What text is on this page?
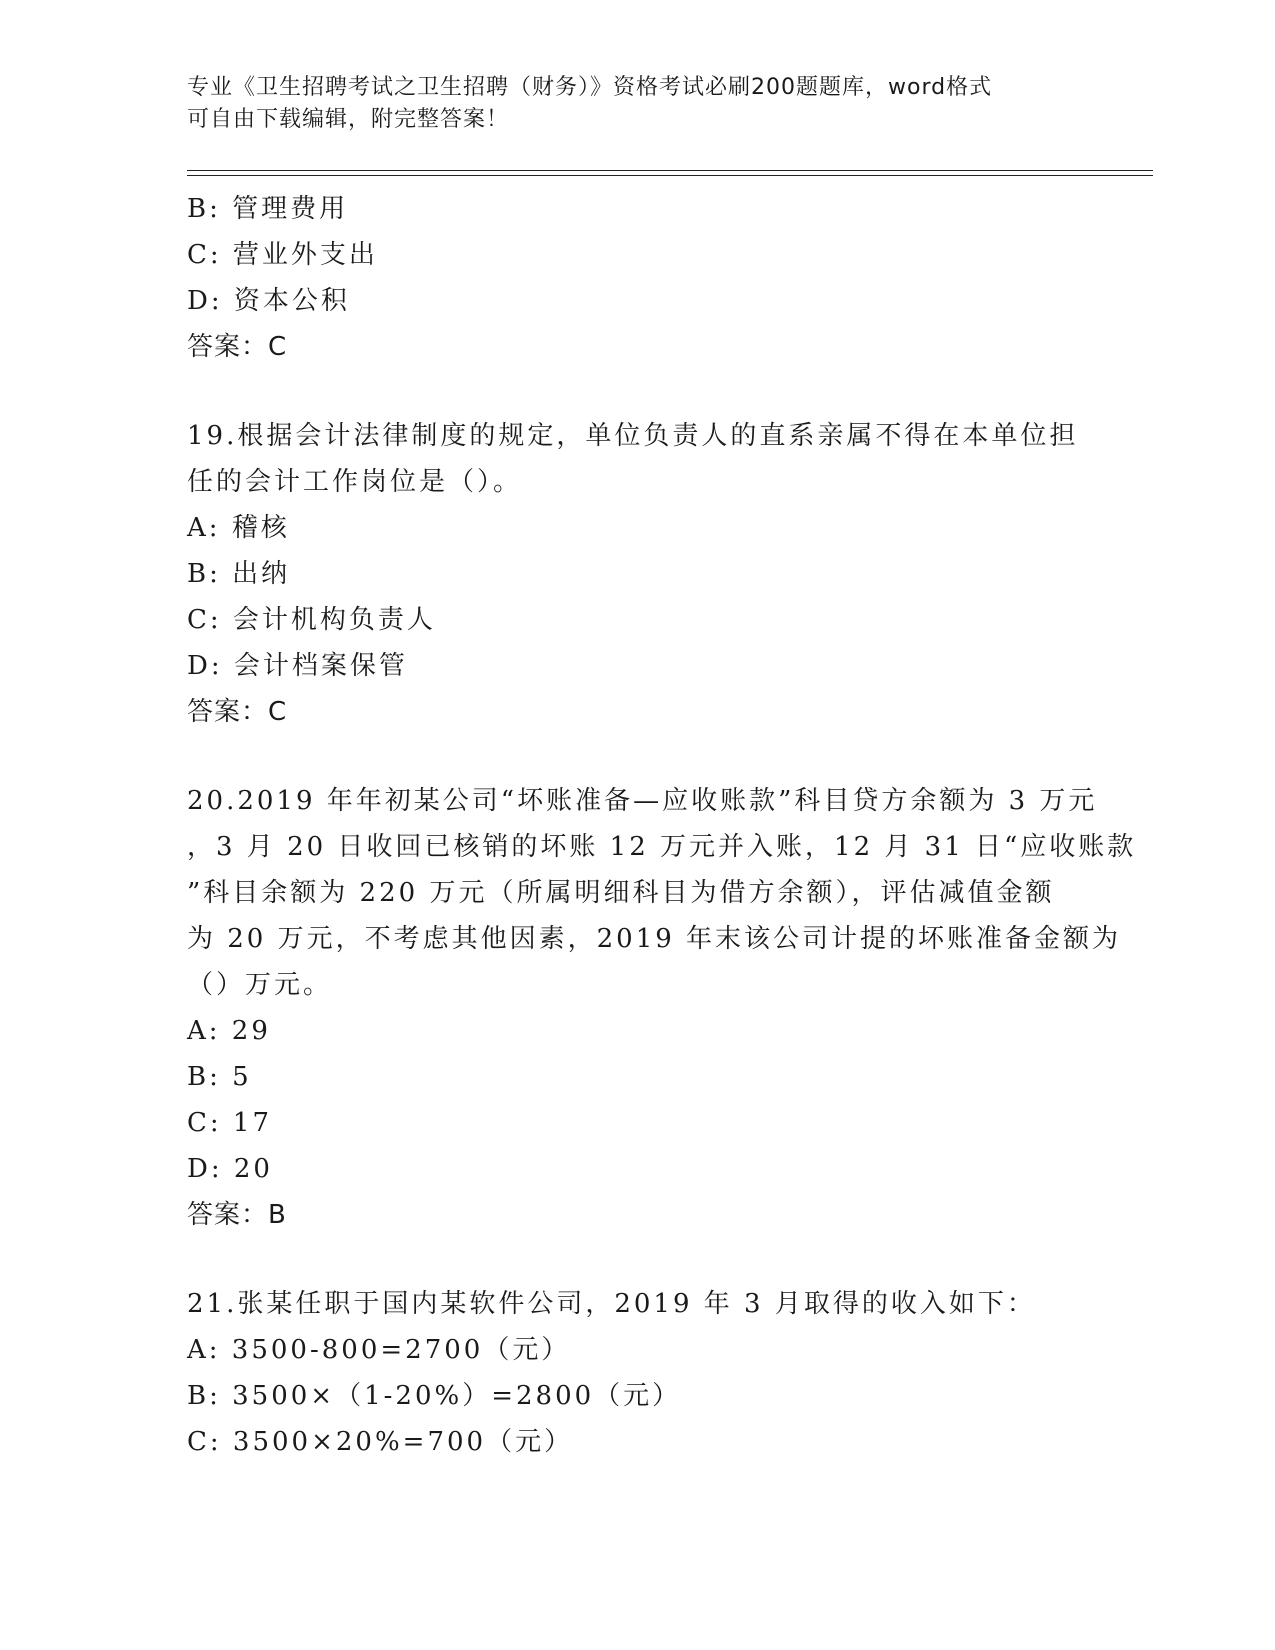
专业《卫生招聘考试之卫生招聘（财务）》资格考试必刷200题题库，word格式
可自由下载编辑，附完整答案！
B: 管理费用
C: 营业外支出
D: 资本公积
答案：C
19.根据会计法律制度的规定，单位负责人的直系亲属不得在本单位担
任的会计工作岗位是（）。
A: 稽核
B: 出纳
C: 会计机构负责人
D: 会计档案保管
答案：C
20.2019 年年初某公司“坏账准备—应收账款”科目贷方余额为 3 万元
，3 月 20 日收回已核销的坏账 12 万元并入账，12 月 31 日“应收账款
”科目余额为 220 万元（所属明细科目为借方余额），评估减值金额
为 20 万元，不考虑其他因素，2019 年末该公司计提的坏账准备金额为
（）万元。
A: 29
B: 5
C: 17
D: 20
答案：B
21.张某任职于国内某软件公司，2019 年 3 月取得的收入如下：
A: 3500-800=2700（元）
B: 3500×（1-20%）=2800（元）
C: 3500×20%=700（元）
